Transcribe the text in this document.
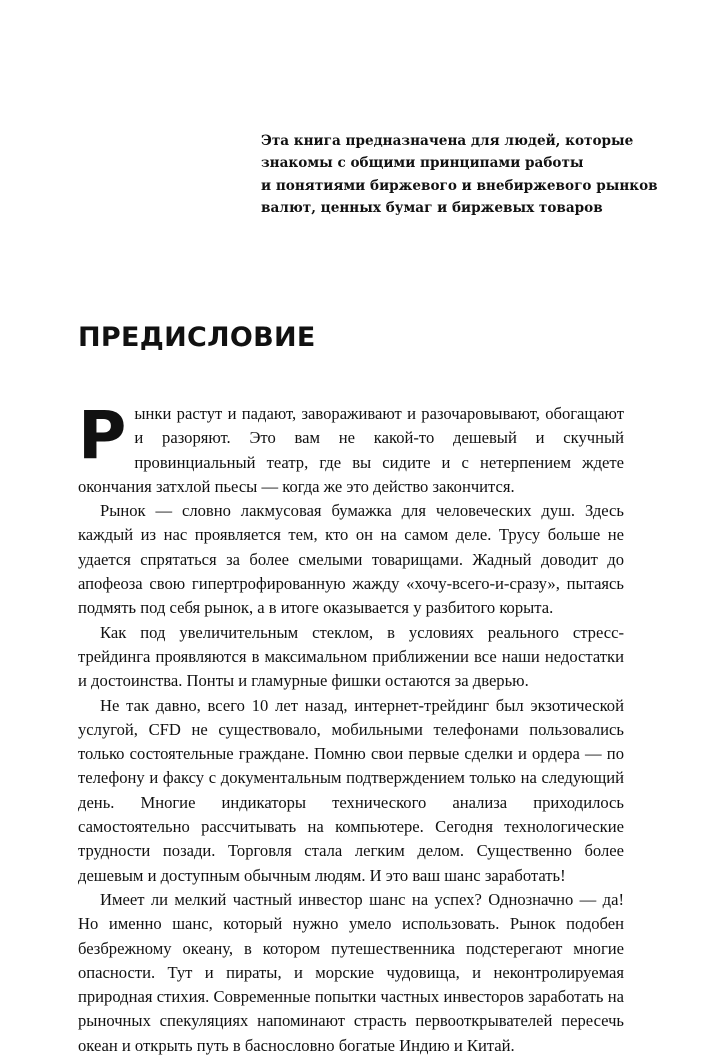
Эта книга предназначена для людей, которые
знакомы с общими принципами работы
и понятиями биржевого и внебиржевого рынков
валют, ценных бумаг и биржевых товаров
ПРЕДИСЛОВИЕ

Рынки растут и падают, завораживают и разочаровывают, обогащают и разоряют. Это вам не какой-то дешевый и скучный провинциальный театр, где вы сидите и с нетерпением ждете окончания затхлой пьесы — когда же это действо закончится.

Рынок — словно лакмусовая бумажка для человеческих душ. Здесь каждый из нас проявляется тем, кто он на самом деле. Трусу больше не удается спрятаться за более смелыми товарищами. Жадный доводит до апофеоза свою гипертрофированную жажду «хочу-всего-и-сразу», пытаясь подмять под себя рынок, а в итоге оказывается у разбитого корыта.

Как под увеличительным стеклом, в условиях реального стресс-трейдинга проявляются в максимальном приближении все наши недостатки и достоинства. Понты и гламурные фишки остаются за дверью.

Не так давно, всего 10 лет назад, интернет-трейдинг был экзотической услугой, CFD не существовало, мобильными телефонами пользовались только состоятельные граждане. Помню свои первые сделки и ордера — по телефону и факсу с документальным подтверждением только на следующий день. Многие индикаторы технического анализа приходилось самостоятельно рассчитывать на компьютере. Сегодня технологические трудности позади. Торговля стала легким делом. Существенно более дешевым и доступным обычным людям. И это ваш шанс заработать!

Имеет ли мелкий частный инвестор шанс на успех? Однозначно — да! Но именно шанс, который нужно умело использовать. Рынок подобен безбрежному океану, в котором путешественника подстерегают многие опасности. Тут и пираты, и морские чудовища, и неконтролируемая природная стихия. Современные попытки частных инвесторов заработать на рыночных спекуляциях напоминают страсть первооткрывателей пересечь океан и открыть путь в баснословно богатые Индию и Китай.
